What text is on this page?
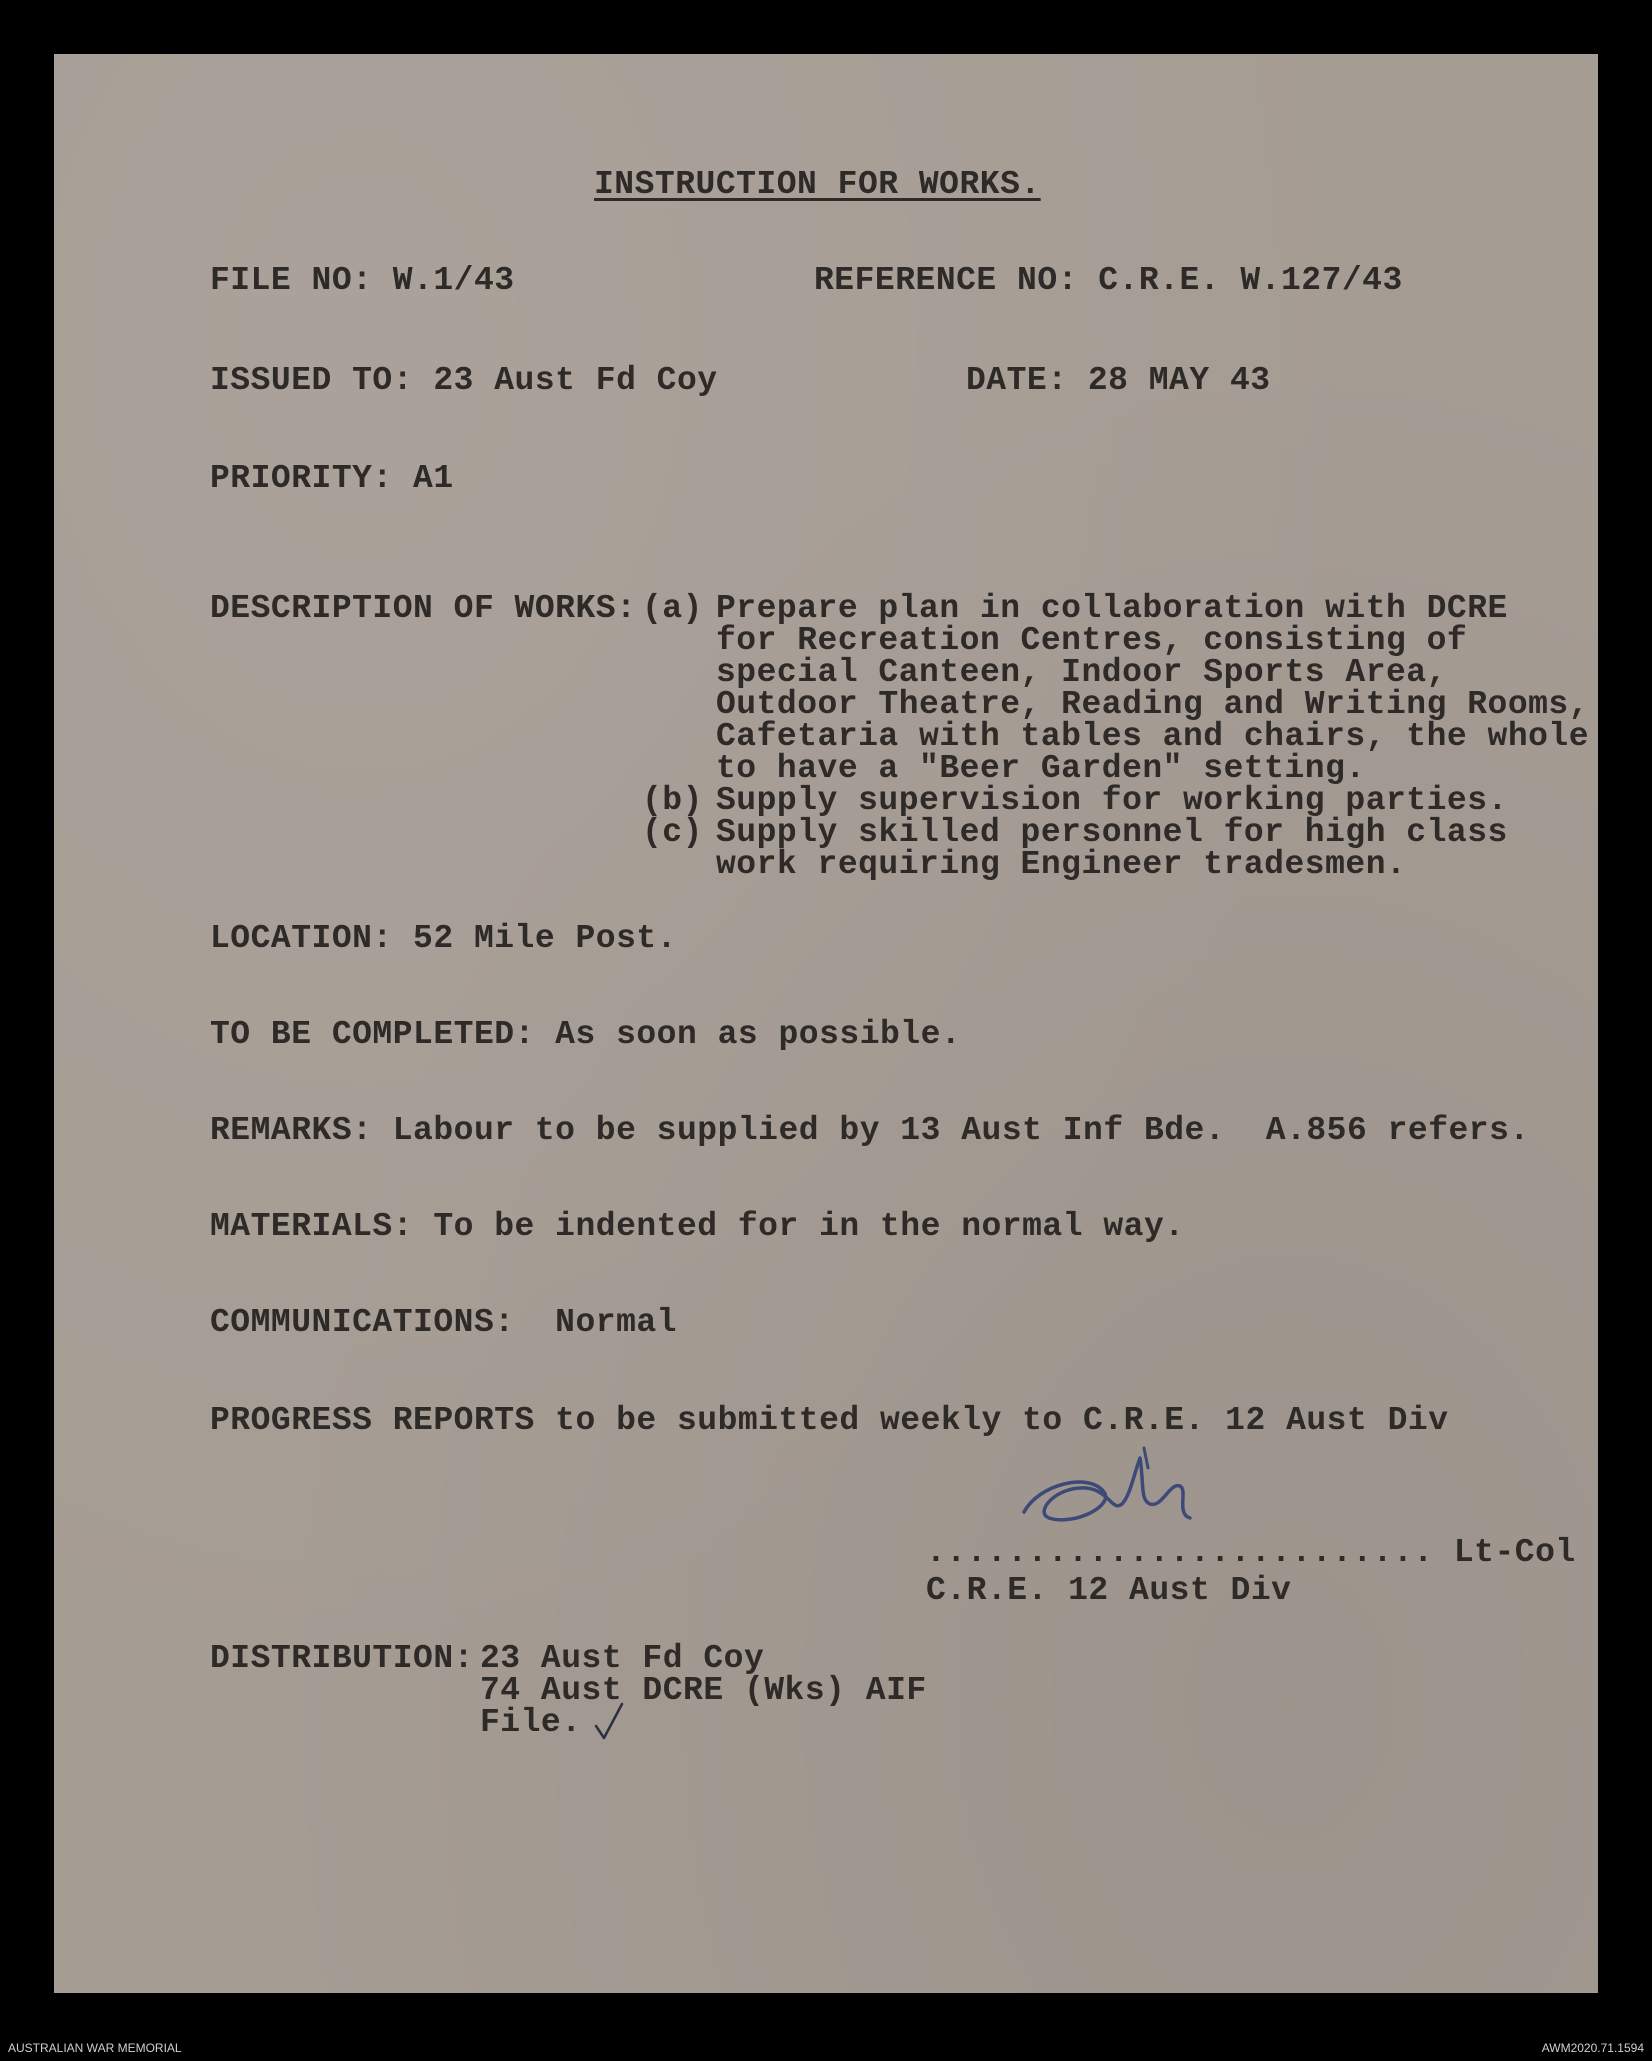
INSTRUCTION FOR WORKS.
FILE NO: W.1/43	REFERENCE NO: C.R.E. W.127/43
ISSUED TO: 23 Aust Fd Coy	DATE: 28 MAY 43
PRIORITY: A1
DESCRIPTION OF WORKS: (a) Prepare plan in collaboration with DCRE
for Recreation Centres, consisting of
special Canteen, Indoor Sports Area,
Outdoor Theatre, Reading and Writing Rooms,
Cafetaria with tables and chairs, the whole
to have a "Beer Garden" setting.
(b) Supply supervision for working parties.
(c) Supply skilled personnel for high class
work requiring Engineer tradesmen.
LOCATION: 52 Mile Post.
TO BE COMPLETED: As soon as possible.
REMARKS: Labour to be supplied by 13 Aust Inf Bde.  A.856 refers.
MATERIALS: To be indented for in the normal way.
COMMUNICATIONS:  Normal
PROGRESS REPORTS to be submitted weekly to C.R.E. 12 Aust Div
......................... Lt-Col
C.R.E. 12 Aust Div
DISTRIBUTION: 23 Aust Fd Coy
74 Aust DCRE (Wks) AIF
File.
AUSTRALIAN WAR MEMORIAL	AWM2020.71.1594
